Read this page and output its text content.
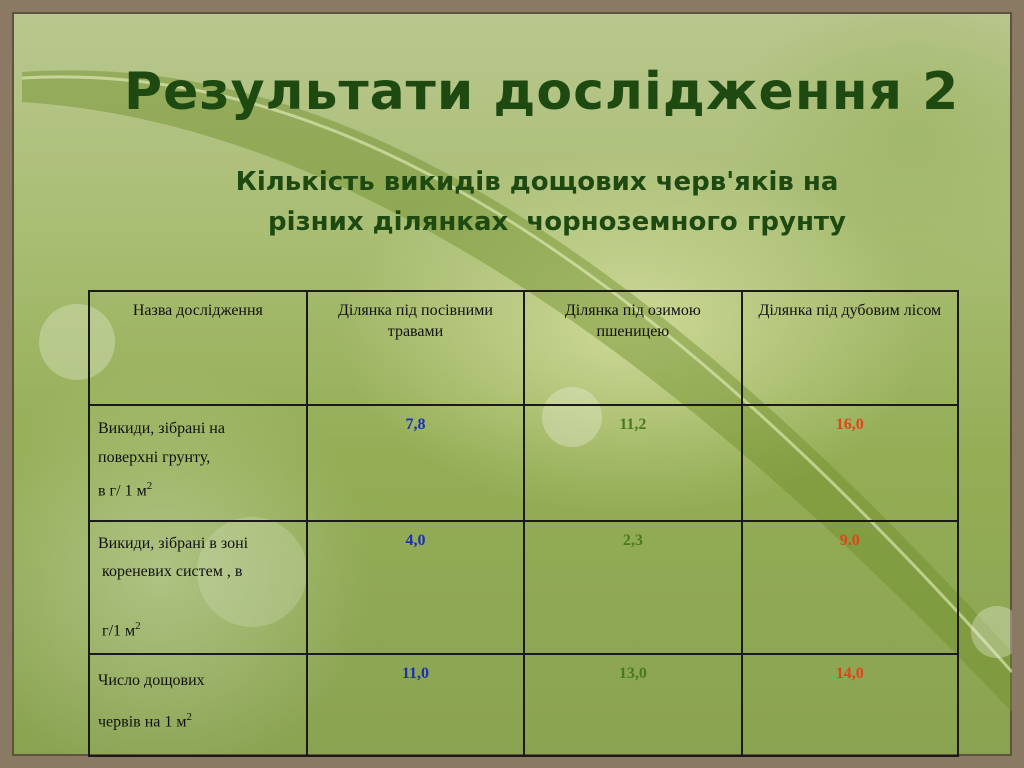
Результати дослідження 2
Кількість викидів дощових черв'яків на
різних ділянках  чорноземного грунту
Назва дослідження	Ділянка під посівними травами	Ділянка під озимою пшеницею	Ділянка під дубовим лісом

Викиди, зібрані на
поверхні грунту,
в г/ 1 $м^2$	7,8	11,2	16,0

Викиди, зібрані в зоні
кореневих систем , в
г/1 $м^2$	4,0	2,3	9.0

Число дощових
червів на 1 $м^2$	11,0	13,0	14,0
